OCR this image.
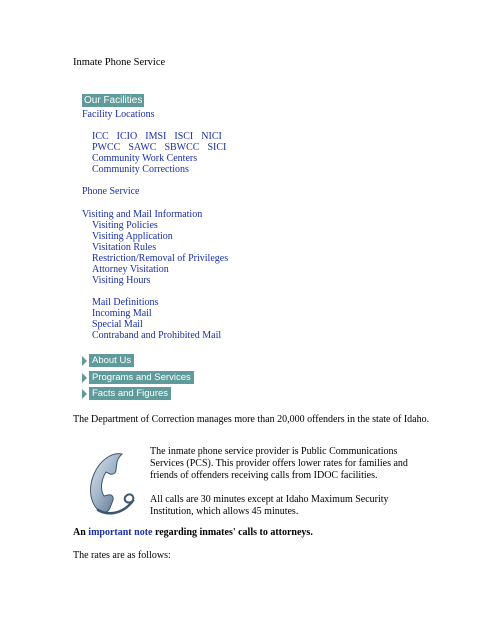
Inmate Phone Service
Our Facilities
Facility Locations
ICC ICIO IMSI ISCI NICI
PWCC SAWC SBWCC SICI
Community Work Centers
Community Corrections
Phone Service
Visiting and Mail Information
Visiting Policies
Visiting Application
Visitation Rules
Restriction/Removal of Privileges
Attorney Visitation
Visiting Hours
Mail Definitions
Incoming Mail
Special Mail
Contraband and Prohibited Mail
About Us
Programs and Services
Facts and Figures
The Department of Correction manages more than 20,000 offenders in the state of Idaho.
The inmate phone service provider is Public Communications Services (PCS). This provider offers lower rates for families and friends of offenders receiving calls from IDOC facilities.
All calls are 30 minutes except at Idaho Maximum Security Institution, which allows 45 minutes.
An important note regarding inmates' calls to attorneys.
The rates are as follows:
